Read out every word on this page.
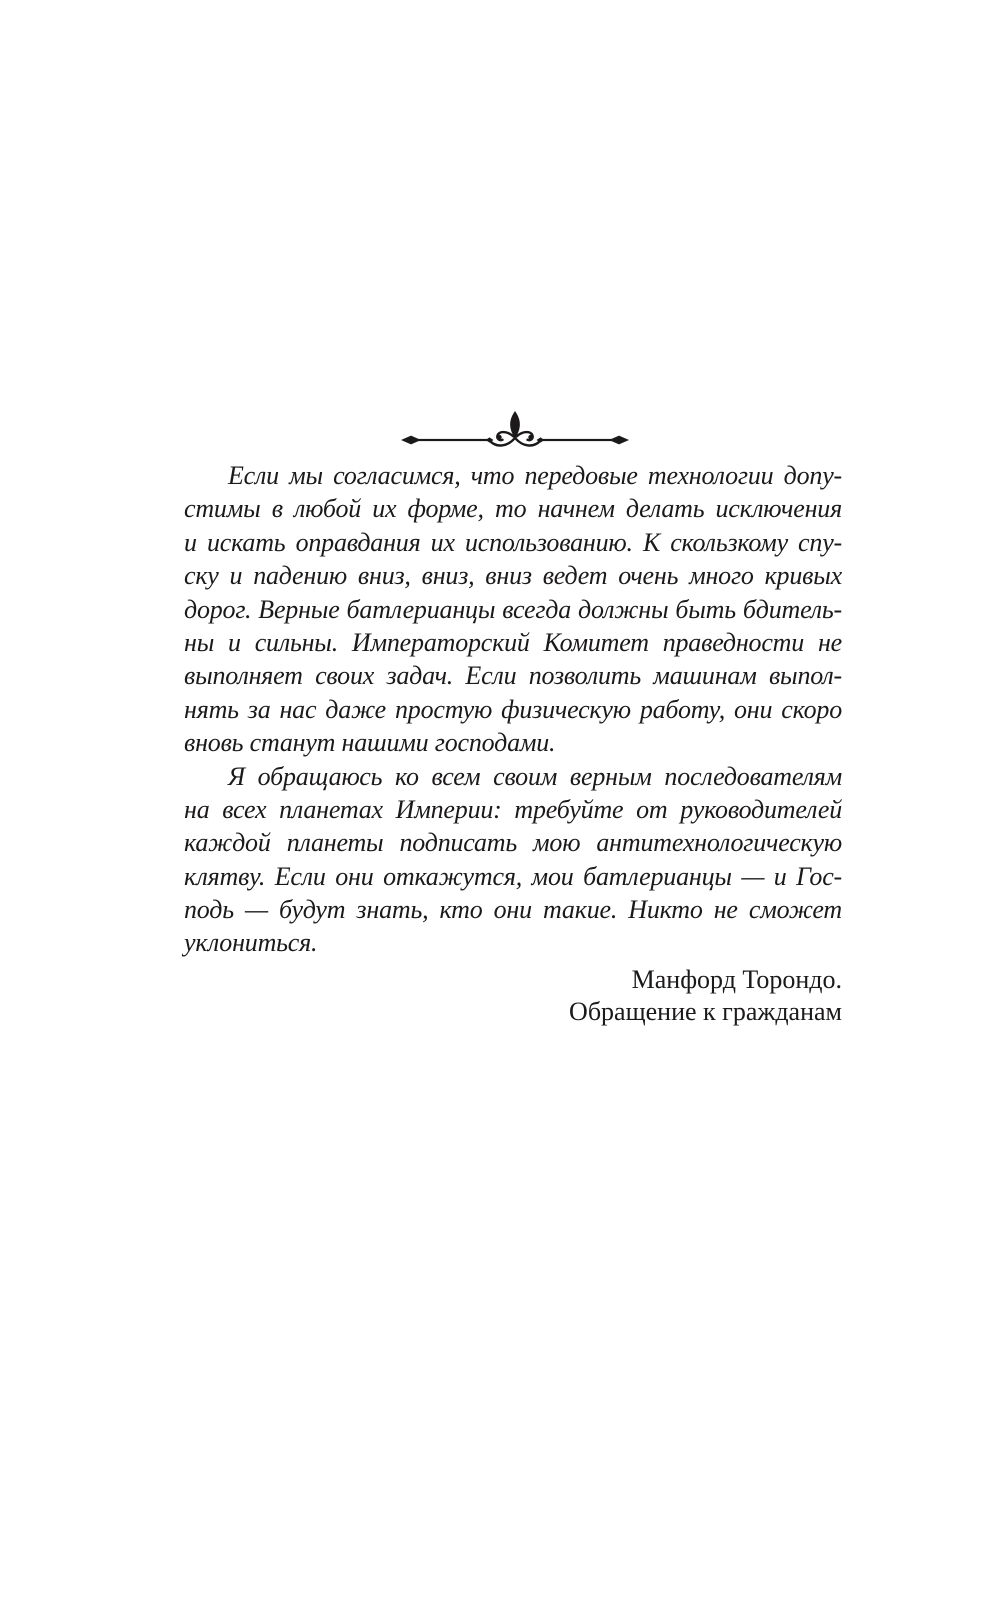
Если мы согласимся, что передовые технологии допу-
стимы в любой их форме, то начнем делать исключения
и искать оправдания их использованию. К скользкому спу-
ску и падению вниз, вниз, вниз ведет очень много кривых
дорог. Верные батлерианцы всегда должны быть бдитель-
ны и сильны. Императорский Комитет праведности не
выполняет своих задач. Если позволить машинам выпол-
нять за нас даже простую физическую работу, они скоро
вновь станут нашими господами.
Я обращаюсь ко всем своим верным последователям
на всех планетах Империи: требуйте от руководителей
каждой планеты подписать мою антитехнологическую
клятву. Если они откажутся, мои батлерианцы — и Гос-
подь — будут знать, кто они такие. Никто не сможет
уклониться.
Манфорд Торондо.
Обращение к гражданам
